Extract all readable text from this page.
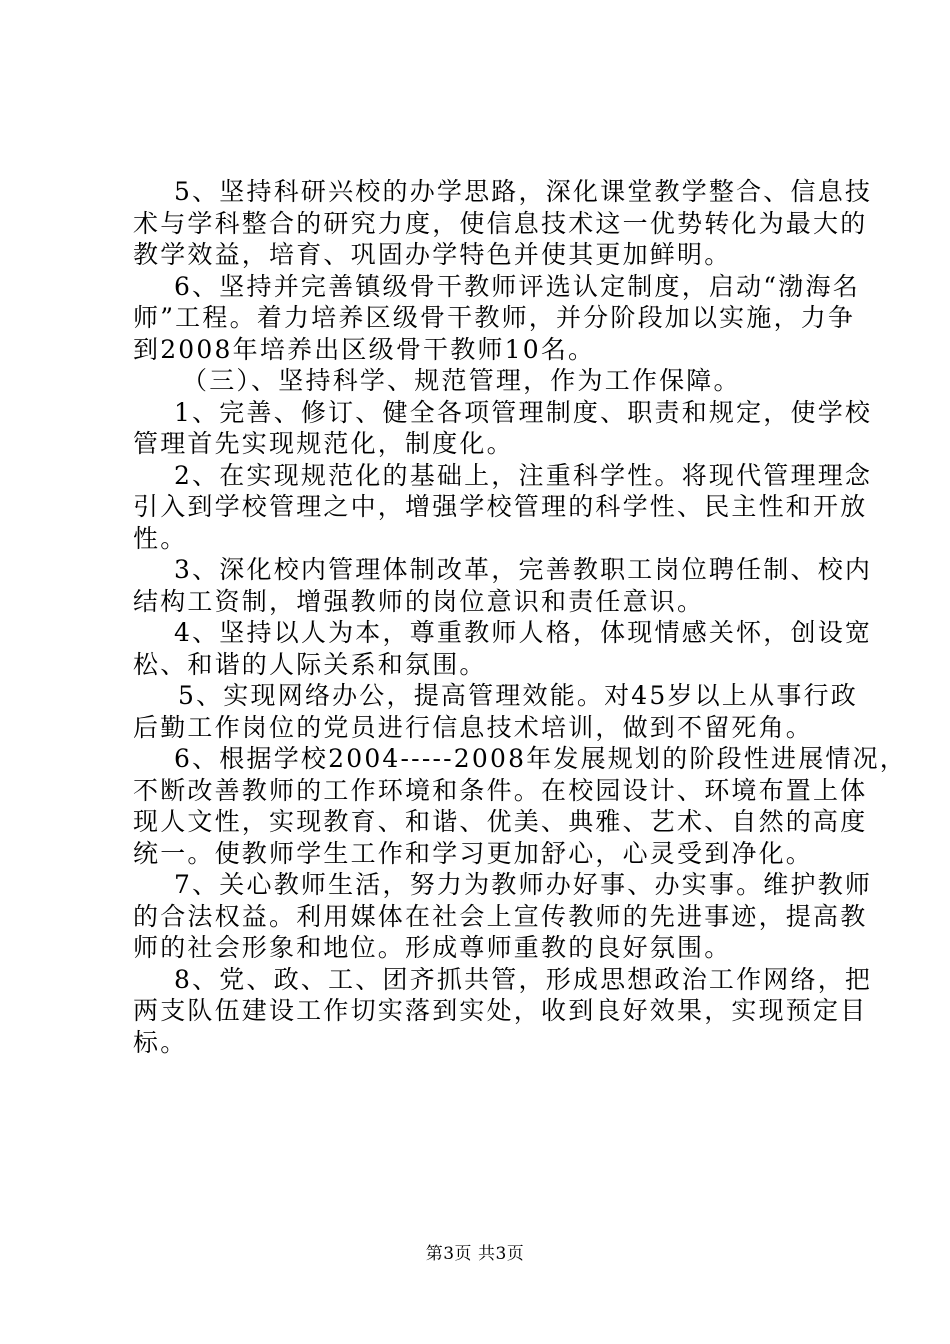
5、坚持科研兴校的办学思路，深化课堂教学整合、信息技
术与学科整合的研究力度，使信息技术这一优势转化为最大的
教学效益，培育、巩固办学特色并使其更加鲜明。
6、坚持并完善镇级骨干教师评选认定制度，启动“渤海名
师”工程。着力培养区级骨干教师，并分阶段加以实施，力争
到2008年培养出区级骨干教师10名。
（三）、坚持科学、规范管理，作为工作保障。
1、完善、修订、健全各项管理制度、职责和规定，使学校
管理首先实现规范化，制度化。
2、在实现规范化的基础上，注重科学性。将现代管理理念
引入到学校管理之中，增强学校管理的科学性、民主性和开放
性。
3、深化校内管理体制改革，完善教职工岗位聘任制、校内
结构工资制，增强教师的岗位意识和责任意识。
4、坚持以人为本，尊重教师人格，体现情感关怀，创设宽
松、和谐的人际关系和氛围。
5、实现网络办公，提高管理效能。对45岁以上从事行政
后勤工作岗位的党员进行信息技术培训，做到不留死角。
6、根据学校2004-----2008年发展规划的阶段性进展情况，
不断改善教师的工作环境和条件。在校园设计、环境布置上体
现人文性，实现教育、和谐、优美、典雅、艺术、自然的高度
统一。使教师学生工作和学习更加舒心，心灵受到净化。
7、关心教师生活，努力为教师办好事、办实事。维护教师
的合法权益。利用媒体在社会上宣传教师的先进事迹，提高教
师的社会形象和地位。形成尊师重教的良好氛围。
8、党、政、工、团齐抓共管，形成思想政治工作网络，把
两支队伍建设工作切实落到实处，收到良好效果，实现预定目
标。
第3页 共3页
